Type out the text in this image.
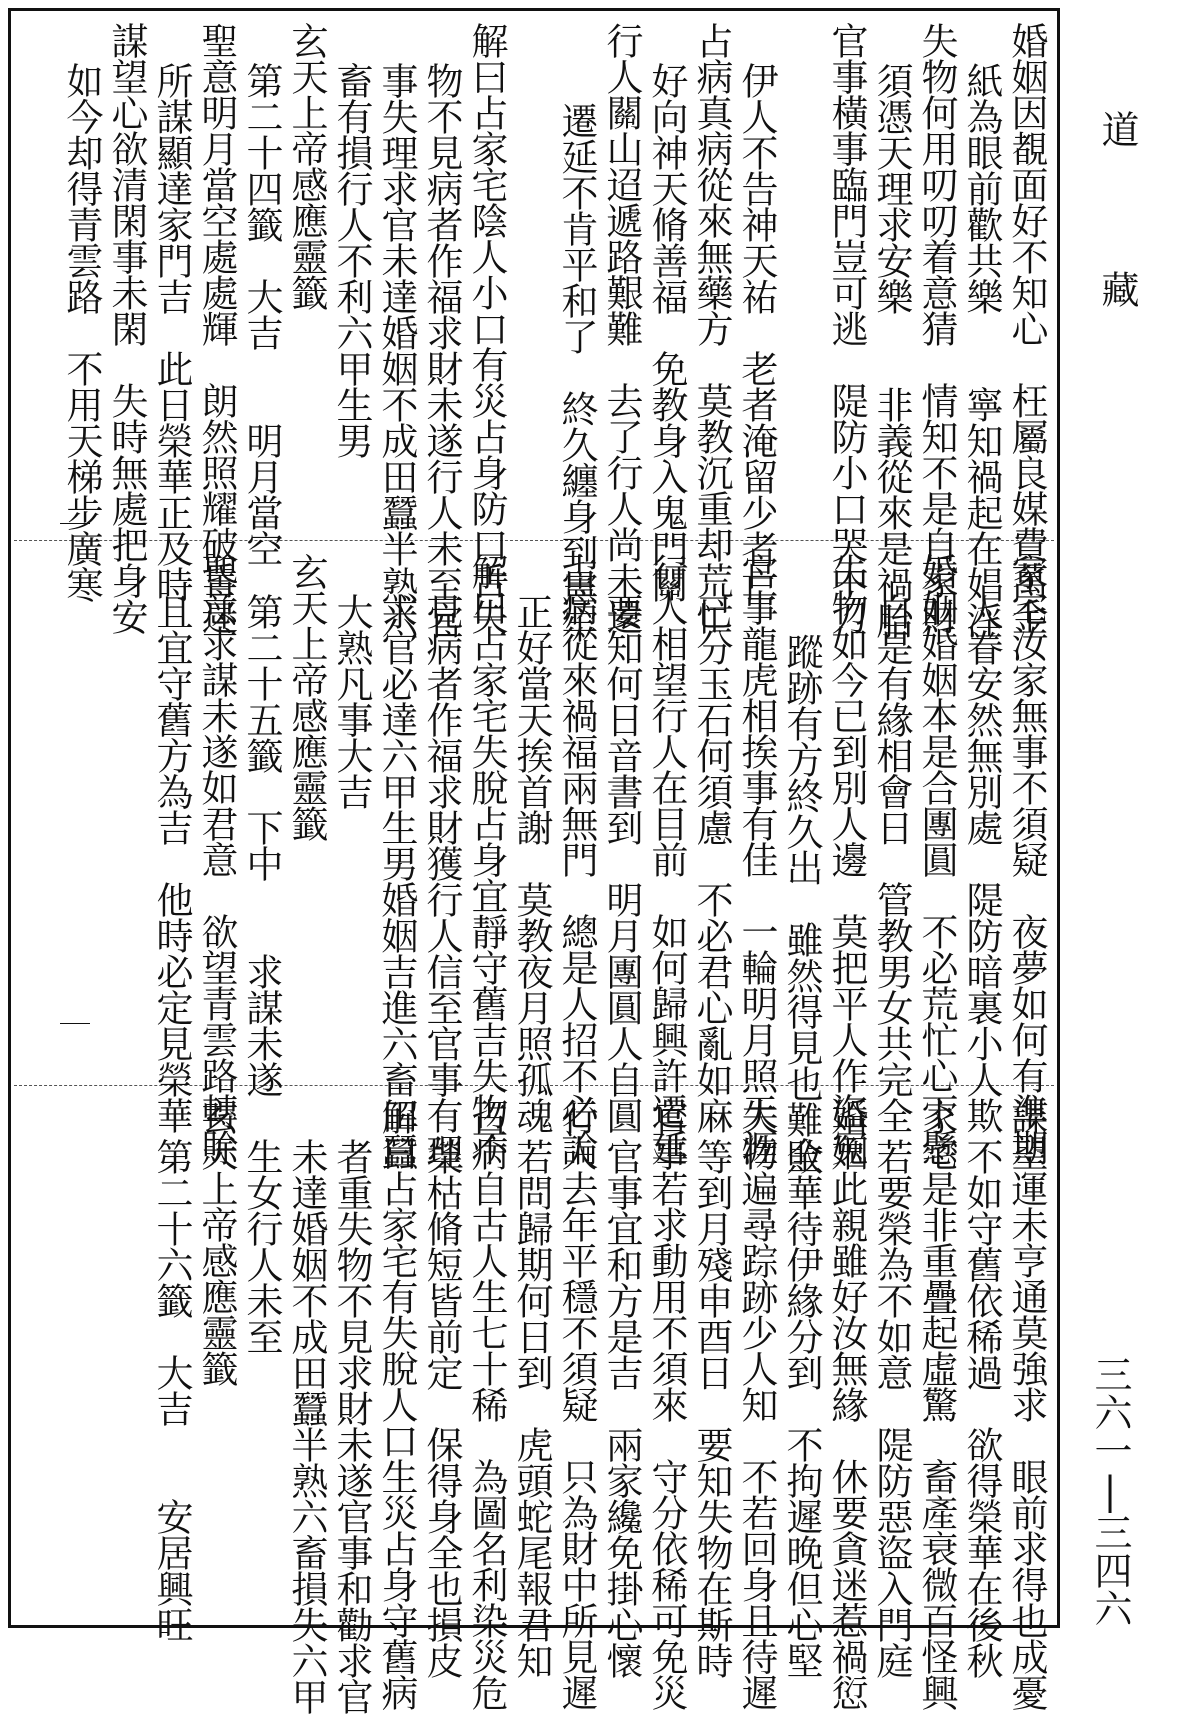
婚姻因覩面好不知心　枉屬良媒費萬金
紙為眼前歡共樂　　寧知禍起在娼淫
失物何用叨叨着意猜　情知不是自家財
須憑天理求安樂　　非義從來是禍胎
官事橫事臨門豈可逃　隄防小口哭中刀
伊人不告神天祐　老者淹留少者亡
占病真病從來無藥方　莫教沉重却荒忙
好向神天脩善福　免教身入鬼門關
行人關山迢遞路艱難　去了行人尚未還
遷延不肯平和了　終久纏身到憲牢
解曰占家宅陰人小口有災占身防口舌失
物不見病者作福求財未遂行人未至官
事失理求官未達婚姻不成田蠶半熟六
畜有損行人不利六甲生男
玄天上帝感應靈籤
第二十四籤　大吉　　明月當空
聖意明月當空處處輝　朗然照耀破昏迷
所謀顯達家門吉　此日榮華正及時
謀望心欲清閑事未閑　失時無處把身安
如今却得青雲路　不用天梯步廣寒
家宅汝家無事不須疑　夜夢如何有準期
人眷安然無別處　隄防暗裏小人欺
婚姻婚姻本是合團圓　不必荒忙心下懸
自是有緣相會日　管教男女共完全
失物如今已到別人邊　莫把平人作盜冤
蹤跡有方終久出　雖然得見也難全
官事龍虎相挨事有佳　一輪明月照天涯
已分玉石何須慮　不必君心亂如麻
行人相望行人在目前　如何歸興許遷延
要知何日音書到　明月團圓人自圓
占病從來禍福兩無門　總是人招不必論
正好當天挨首謝　莫教夜月照孤魂
解曰占家宅失脫占身宜靜守舊吉失物不
見病者作福求財獲行人信至官事有理
求官必達六甲生男婚姻吉進六畜田蠶
大熟凡事大吉
玄天上帝感應靈籤
第二十五籤　下中　　求謀未遂
聖意求謀未遂如君意　欲望青雲路轉賖
且宜守舊方為吉　他時必定見榮華
謀望運未亨通莫強求　眼前求得也成憂
不如守舊依稀過　欲得榮華在後秋
家宅是非重疊起虛驚　畜產衰微百怪興
若要榮為不如意　隄防惡盜入門庭
婚姻此親雖好汝無緣　休要貪迷惹禍愆
敗華待伊緣分到　不拘遲晚但心堅
失物遍尋踪跡少人知　不若回身且待遲
等到月殘申酉日　要知失物在斯時
官事若求動用不須來　守分依稀可免災
官事宜和方是吉　兩家纔免掛心懷
行人去年平穩不須疑　只為財中所見遲
若問歸期何日到　虎頭蛇尾報君知
占病自古人生七十稀　為圖名利染災危
榮枯脩短皆前定　保得身全也損皮
解曰占家宅有失脫人口生災占身守舊病
者重失物不見求財未遂官事和勸求官
未達婚姻不成田蠶半熟六畜損失六甲
生女行人未至
玄天上帝感應靈籤
第二十六籤　大吉　　安居興旺
道
藏
三六一|三四六
